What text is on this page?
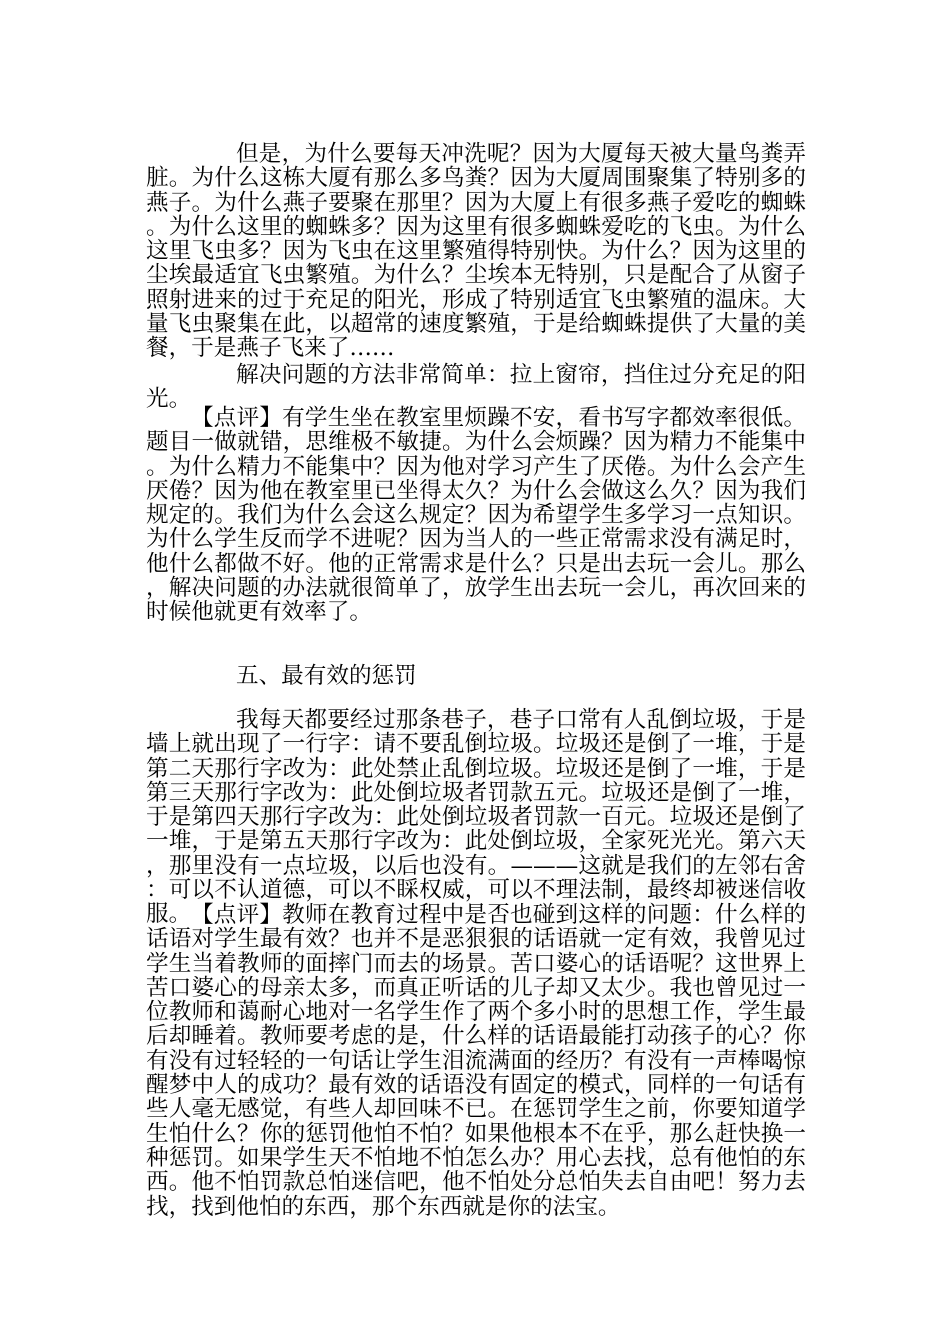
但是，为什么要每天冲洗呢？因为大厦每天被大量鸟粪弄脏。为什么这栋大厦有那么多鸟粪？因为大厦周围聚集了特别多的燕子。为什么燕子要聚在那里？因为大厦上有很多燕子爱吃的蜘蛛。为什么这里的蜘蛛多？因为这里有很多蜘蛛爱吃的飞虫。为什么这里飞虫多？因为飞虫在这里繁殖得特别快。为什么？因为这里的尘埃最适宜飞虫繁殖。为什么？尘埃本无特别，只是配合了从窗子照射进来的过于充足的阳光，形成了特别适宜飞虫繁殖的温床。大量飞虫聚集在此，以超常的速度繁殖，于是给蜘蛛提供了大量的美餐，于是燕子飞来了……

解决问题的方法非常简单：拉上窗帘，挡住过分充足的阳光。

【点评】有学生坐在教室里烦躁不安，看书写字都效率很低。题目一做就错，思维极不敏捷。为什么会烦躁？因为精力不能集中。为什么精力不能集中？因为他对学习产生了厌倦。为什么会产生厌倦？因为他在教室里已坐得太久？为什么会做这么久？因为我们规定的。我们为什么会这么规定？因为希望学生多学习一点知识。为什么学生反而学不进呢？因为当人的一些正常需求没有满足时，他什么都做不好。他的正常需求是什么？只是出去玩一会儿。那么，解决问题的办法就很简单了，放学生出去玩一会儿，再次回来的时候他就更有效率了。

五、最有效的惩罚

我每天都要经过那条巷子，巷子口常有人乱倒垃圾，于是墙上就出现了一行字：请不要乱倒垃圾。垃圾还是倒了一堆，于是第二天那行字改为：此处禁止乱倒垃圾。垃圾还是倒了一堆，于是第三天那行字改为：此处倒垃圾者罚款五元。垃圾还是倒了一堆，于是第四天那行字改为：此处倒垃圾者罚款一百元。垃圾还是倒了一堆，于是第五天那行字改为：此处倒垃圾，全家死光光。第六天，那里没有一点垃圾，以后也没有。———这就是我们的左邻右舍：可以不认道德，可以不睬权威，可以不理法制，最终却被迷信收服。 【点评】教师在教育过程中是否也碰到这样的问题：什么样的话语对学生最有效？也并不是恶狠狠的话语就一定有效，我曾见过学生当着教师的面摔门而去的场景。苦口婆心的话语呢？这世界上苦口婆心的母亲太多，而真正听话的儿子却又太少。我也曾见过一位教师和蔼耐心地对一名学生作了两个多小时的思想工作，学生最后却睡着。教师要考虑的是，什么样的话语最能打动孩子的心？你有没有过轻轻的一句话让学生泪流满面的经历？有没有一声棒喝惊醒梦中人的成功？最有效的话语没有固定的模式，同样的一句话有些人毫无感觉，有些人却回味不已。在惩罚学生之前，你要知道学生怕什么？你的惩罚他怕不怕？如果他根本不在乎，那么赶快换一种惩罚。如果学生天不怕地不怕怎么办？用心去找，总有他怕的东西。他不怕罚款总怕迷信吧，他不怕处分总怕失去自由吧！努力去找，找到他怕的东西，那个东西就是你的法宝。
